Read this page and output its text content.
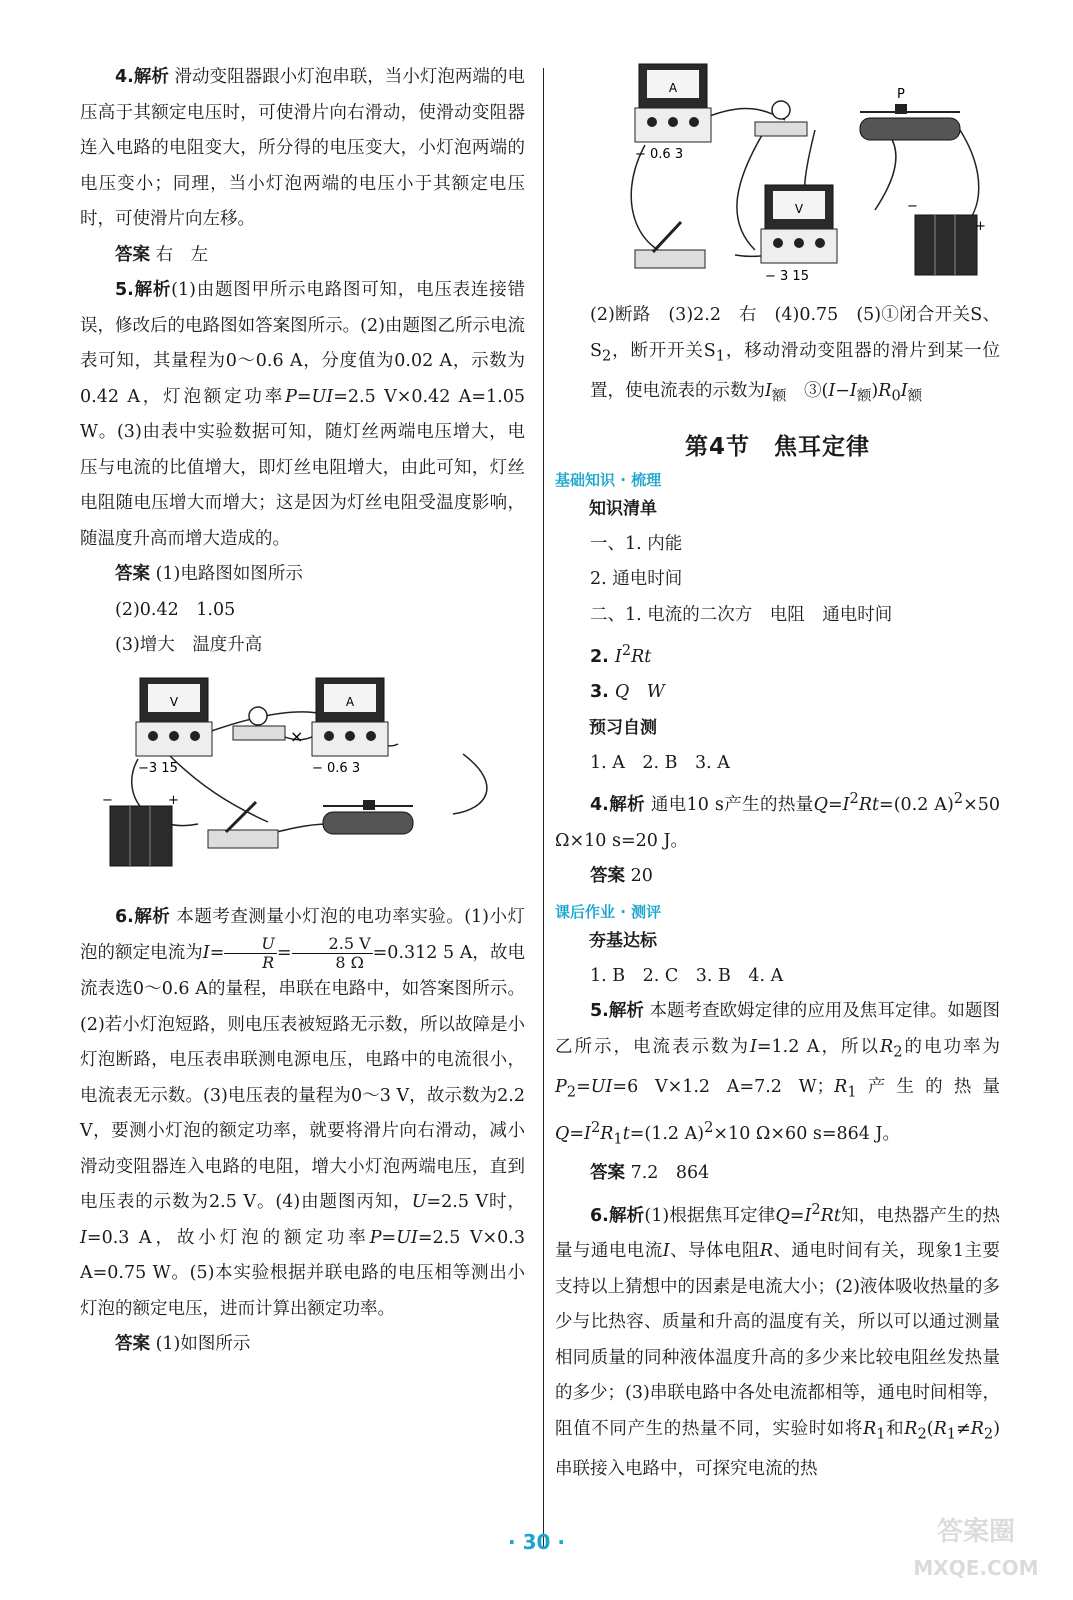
4.解析 滑动变阻器跟小灯泡串联，当小灯泡两端的电压高于其额定电压时，可使滑片向右滑动，使滑动变阻器连入电路的电阻变大，所分得的电压变大，小灯泡两端的电压变小；同理，当小灯泡两端的电压小于其额定电压时，可使滑片向左移。

答案 右　左

5.解析(1)由题图甲所示电路图可知，电压表连接错误，修改后的电路图如答案图所示。(2)由题图乙所示电流表可知，其量程为0～0.6 A，分度值为0.02 A，示数为0.42 A，灯泡额定功率P=UI=2.5 V×0.42 A=1.05 W。(3)由表中实验数据可知，随灯丝两端电压增大，电压与电流的比值增大，即灯丝电阻增大，由此可知，灯丝电阻随电压增大而增大；这是因为灯丝电阻受温度影响，随温度升高而增大造成的。

答案 (1)电路图如图所示

(2)0.42　1.05

(3)增大　温度升高

V
−3 15
×
A
− 0.6 3
−	+

6.解析 本题考查测量小灯泡的电功率实验。(1)小灯泡的额定电流为$I= \frac{U}{R} = \frac{2.5 V}{8 \Omega} =0.312$ 5 A，故电流表选0～0.6 A的量程，串联在电路中，如答案图所示。(2)若小灯泡短路，则电压表被短路无示数，所以故障是小灯泡断路，电压表串联测电源电压，电路中的电流很小，电流表无示数。(3)电压表的量程为0～3 V，故示数为2.2 V，要测小灯泡的额定功率，就要将滑片向右滑动，减小滑动变阻器连入电路的电阻，增大小灯泡两端电压，直到电压表的示数为2.5 V。(4)由题图丙知，U=2.5 V时，I=0.3 A，故小灯泡的额定功率P=UI=2.5 V×0.3 A=0.75 W。(5)本实验根据并联电路的电压相等测出小灯泡的额定电压，进而计算出额定功率。

答案 (1)如图所示

A
− 0.6 3
P
V
− 3 15
−
+

(2)断路　(3)2.2　右　(4)0.75　(5)①闭合开关S、$S_2$，断开开关$S_1$，移动滑动变阻器的滑片到某一位置，使电流表的示数为$I_额$　$③(I-I_额)R_0I_额$

第4节　焦耳定律
基础知识 · 梳理
知识清单

一、1. 内能

2. 通电时间

二、1. 电流的二次方　电阻　通电时间

2. $I^2Rt$

3. Q　 W

预习自测

1. A　2. B　3. A

4.解析 通电10 s产生的热量$Q=I^2Rt=(0.2$ A)$^2$×50 Ω×10 s=20 J。

答案 20

课后作业 · 测评
夯基达标

1. B　2. C　3. B　4. A

5.解析 本题考查欧姆定律的应用及焦耳定律。如题图乙所示，电流表示数为I=1.2 A，所以$R_2$的电功率为$P_2=UI=6$ V×1.2 A=7.2 W；$R_1$产生的热量$Q=I^2R_1t=(1.2$ A)$^2$×10 Ω×60 s=864 J。

答案 7.2　864

6.解析(1)根据焦耳定律$Q=I^2Rt$知，电热器产生的热量与通电电流I、导体电阻R、通电时间有关，现象1主要支持以上猜想中的因素是电流大小；(2)液体吸收热量的多少与比热容、质量和升高的温度有关，所以可以通过测量相同质量的同种液体温度升高的多少来比较电阻丝发热量的多少；(3)串联电路中各处电流都相等，通电时间相等，阻值不同产生的热量不同，实验时如将$R_1$和$R_2(R_1\ne R_2)$串联接入电路中，可探究电流的热

· 30 ·	答案圈
MXQE.COM
